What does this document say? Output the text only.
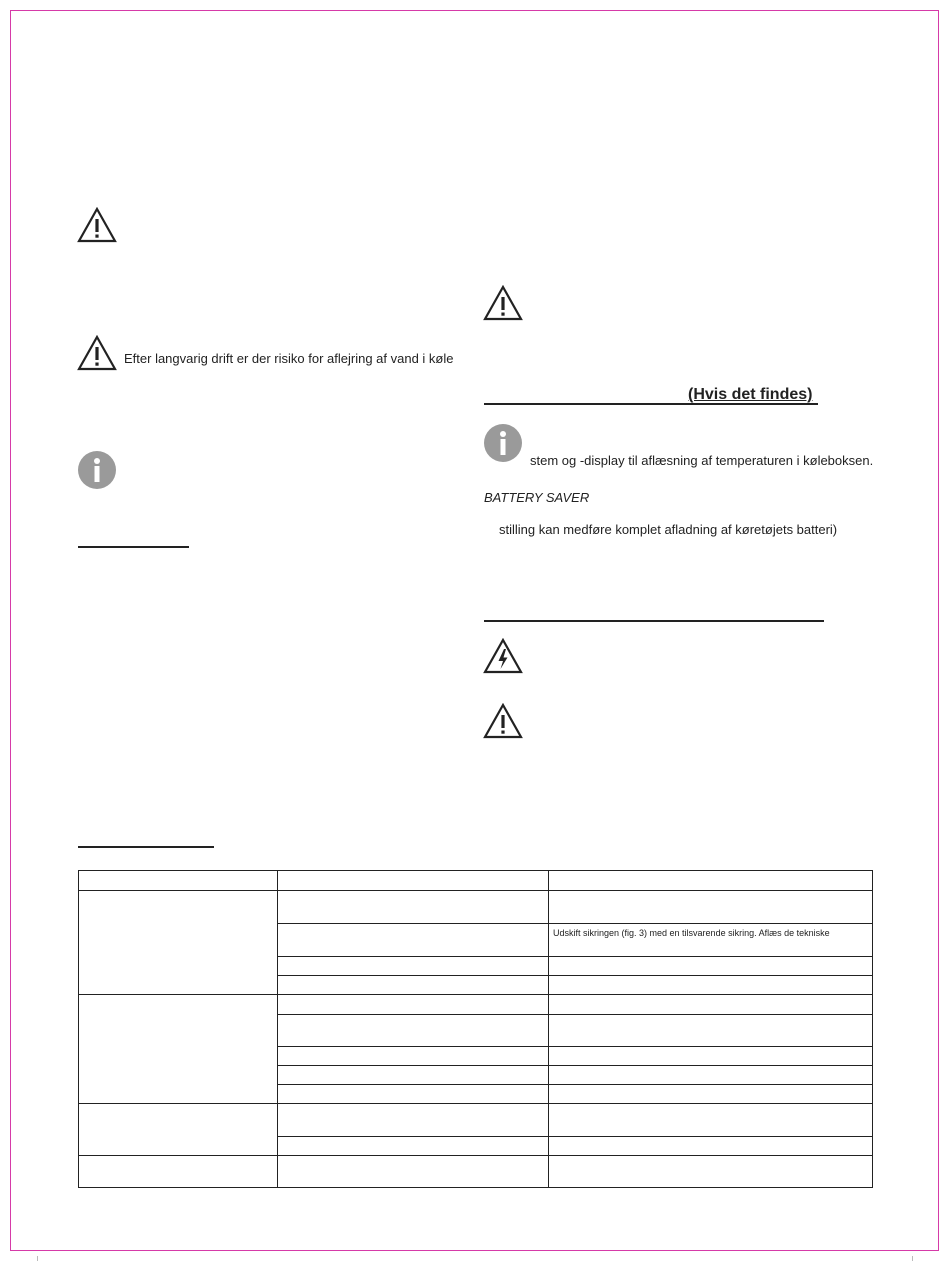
Efter langvarig drift er der risiko for aflejring af vand i køle
(Hvis det findes)
stem og -display til aflæsning af temperaturen i køleboksen.
BATTERY SAVER
stilling kan medføre komplet afladning af køretøjets batteri)

		Udskift sikringen (fig. 3) med en tilsvarende sikring. Aflæs de tekniske
